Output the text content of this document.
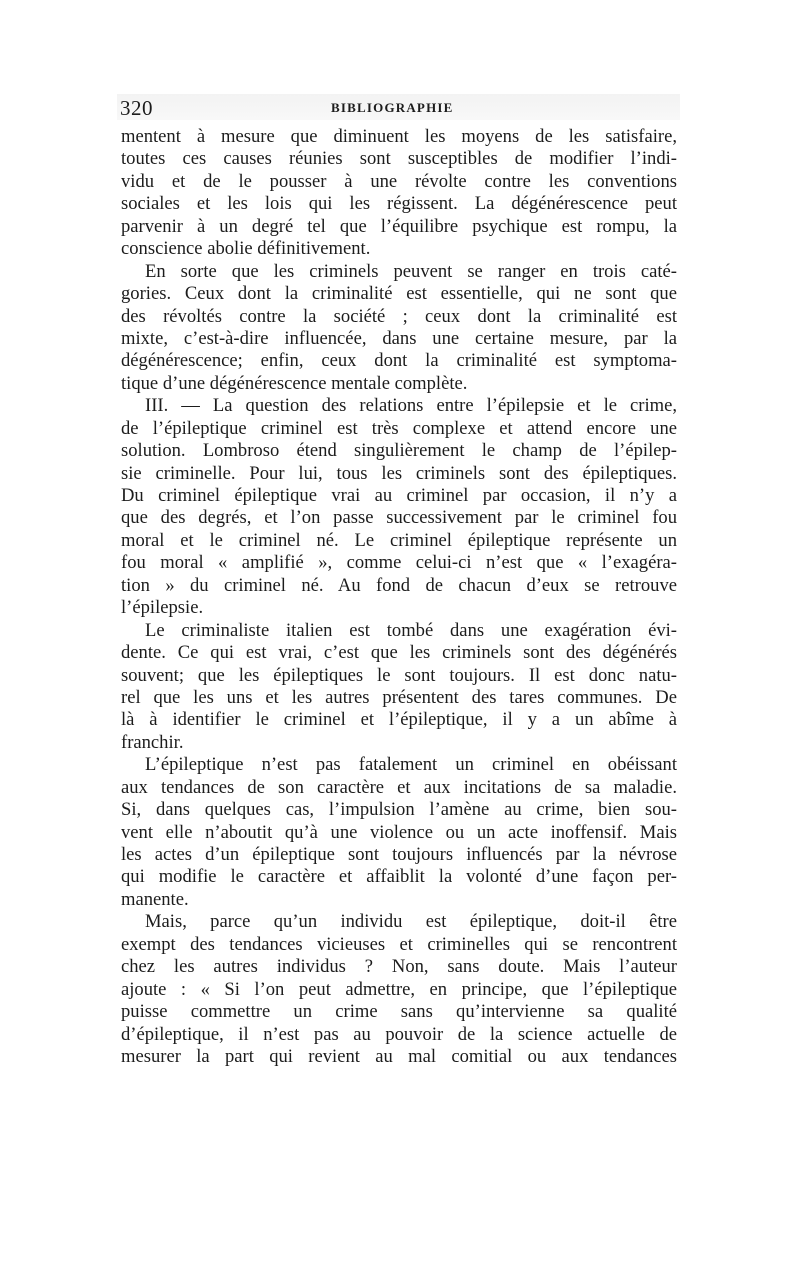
320	BIBLIOGRAPHIE
mentent à mesure que diminuent les moyens de les satisfaire,
toutes ces causes réunies sont susceptibles de modifier l’indi-
vidu et de le pousser à une révolte contre les conventions
sociales et les lois qui les régissent. La dégénérescence peut
parvenir à un degré tel que l’équilibre psychique est rompu, la
conscience abolie définitivement.
En sorte que les criminels peuvent se ranger en trois caté-
gories. Ceux dont la criminalité est essentielle, qui ne sont que
des révoltés contre la société ; ceux dont la criminalité est
mixte, c’est-à-dire influencée, dans une certaine mesure, par la
dégénérescence; enfin, ceux dont la criminalité est symptoma-
tique d’une dégénérescence mentale complète.
III. — La question des relations entre l’épilepsie et le crime,
de l’épileptique criminel est très complexe et attend encore une
solution. Lombroso étend singulièrement le champ de l’épilep-
sie criminelle. Pour lui, tous les criminels sont des épileptiques.
Du criminel épileptique vrai au criminel par occasion, il n’y a
que des degrés, et l’on passe successivement par le criminel fou
moral et le criminel né. Le criminel épileptique représente un
fou moral « amplifié », comme celui-ci n’est que « l’exagéra-
tion » du criminel né. Au fond de chacun d’eux se retrouve
l’épilepsie.
Le criminaliste italien est tombé dans une exagération évi-
dente. Ce qui est vrai, c’est que les criminels sont des dégénérés
souvent; que les épileptiques le sont toujours. Il est donc natu-
rel que les uns et les autres présentent des tares communes. De
là à identifier le criminel et l’épileptique, il y a un abîme à
franchir.
L’épileptique n’est pas fatalement un criminel en obéissant
aux tendances de son caractère et aux incitations de sa maladie.
Si, dans quelques cas, l’impulsion l’amène au crime, bien sou-
vent elle n’aboutit qu’à une violence ou un acte inoffensif. Mais
les actes d’un épileptique sont toujours influencés par la névrose
qui modifie le caractère et affaiblit la volonté d’une façon per-
manente.
Mais, parce qu’un individu est épileptique, doit-il être
exempt des tendances vicieuses et criminelles qui se rencontrent
chez les autres individus ? Non, sans doute. Mais l’auteur
ajoute : « Si l’on peut admettre, en principe, que l’épileptique
puisse commettre un crime sans qu’intervienne sa qualité
d’épileptique, il n’est pas au pouvoir de la science actuelle de
mesurer la part qui revient au mal comitial ou aux tendances
